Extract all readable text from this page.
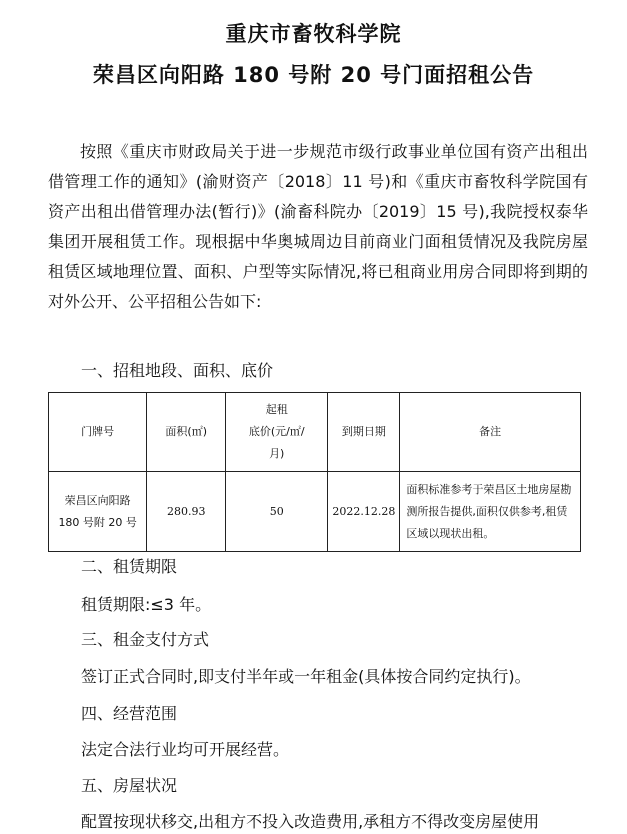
重庆市畜牧科学院
荣昌区向阳路 180 号附 20 号门面招租公告

按照《重庆市财政局关于进一步规范市级行政事业单位国有资产出租出借管理工作的通知》(渝财资产〔2018〕11 号)和《重庆市畜牧科学院国有资产出租出借管理办法(暂行)》(渝畜科院办〔2019〕15 号),我院授权泰华集团开展租赁工作。现根据中华奥城周边目前商业门面租赁情况及我院房屋租赁区域地理位置、面积、户型等实际情况,将已租商业用房合同即将到期的对外公开、公平招租公告如下:

一、招租地段、面积、底价

门牌号	面积(㎡)	起租
底价(元/㎡/
月)	到期日期	备注

荣昌区向阳路
180 号附 20 号	280.93	50	2022.12.28	面积标准参考于荣昌区土地房屋勘测所报告提供,面积仅供参考,租赁区域以现状出租。

二、租赁期限

租赁期限:≤3 年。

三、租金支付方式

签订正式合同时,即支付半年或一年租金(具体按合同约定执行)。

四、经营范围

法定合法行业均可开展经营。

五、房屋状况

配置按现状移交,出租方不投入改造费用,承租方不得改变房屋使用
